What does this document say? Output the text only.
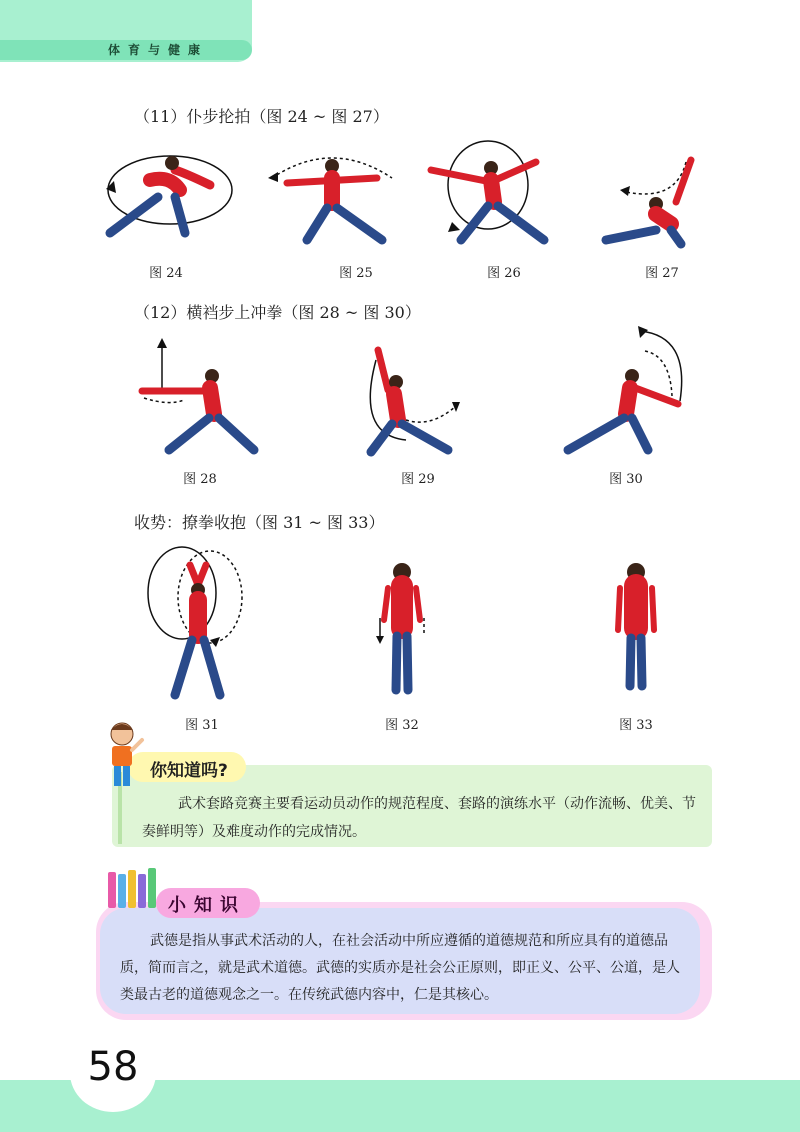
体育与健康
（11）仆步抡拍（图 24 ~ 图 27）
图 24	图 25	图 26	图 27
（12）横裆步上冲拳（图 28 ~ 图 30）
图 28	图 29	图 30
收势：撩拳收抱（图 31 ~ 图 33）
图 31	图 32	图 33
你知道吗?
武术套路竞赛主要看运动员动作的规范程度、套路的演练水平（动作流畅、优美、节奏鲜明等）及难度动作的完成情况。
小知识
武德是指从事武术活动的人，在社会活动中所应遵循的道德规范和所应具有的道德品质，简而言之，就是武术道德。武德的实质亦是社会公正原则，即正义、公平、公道，是人类最古老的道德观念之一。在传统武德内容中，仁是其核心。
58
